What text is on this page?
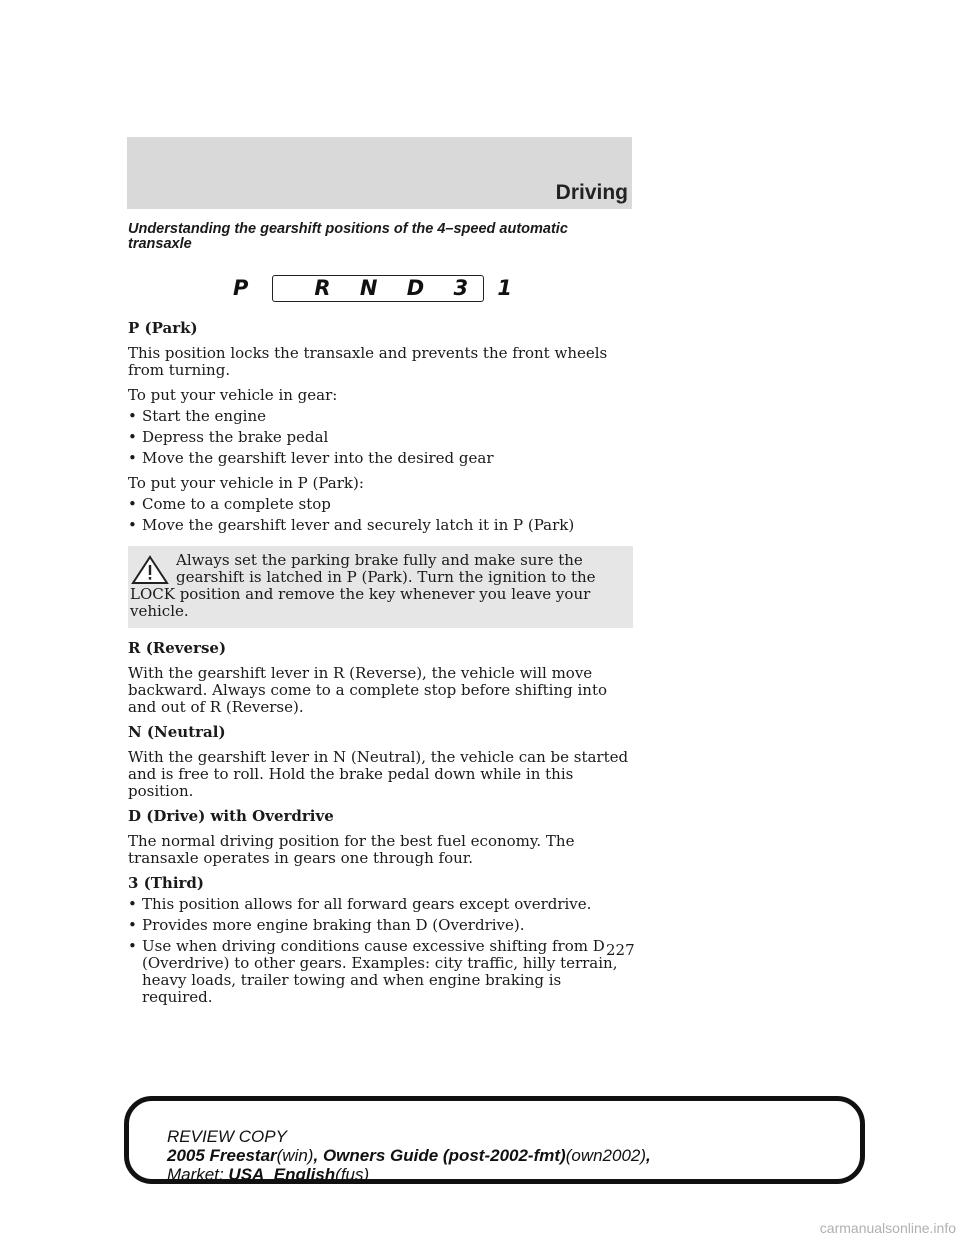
Driving

Understanding the gearshift positions of the 4–speed automatic transaxle

P   R N D 3 1

P (Park)

This position locks the transaxle and prevents the front wheels from turning.

To put your vehicle in gear:

• Start the engine
• Depress the brake pedal
• Move the gearshift lever into the desired gear

To put your vehicle in P (Park):

• Come to a complete stop
• Move the gearshift lever and securely latch it in P (Park)
Always set the parking brake fully and make sure the gearshift is latched in P (Park). Turn the ignition to the LOCK position and remove the key whenever you leave your vehicle.

R (Reverse)

With the gearshift lever in R (Reverse), the vehicle will move backward. Always come to a complete stop before shifting into and out of R (Reverse).

N (Neutral)

With the gearshift lever in N (Neutral), the vehicle can be started and is free to roll. Hold the brake pedal down while in this position.

D (Drive) with Overdrive

The normal driving position for the best fuel economy. The transaxle operates in gears one through four.

3 (Third)

• This position allows for all forward gears except overdrive.
• Provides more engine braking than D (Overdrive).
• Use when driving conditions cause excessive shifting from D (Overdrive) to other gears. Examples: city traffic, hilly terrain, heavy loads, trailer towing and when engine braking is required.
227
REVIEW COPY
2005 Freestar(win), Owners Guide (post-2002-fmt)(own2002),
Market: USA_English(fus)
carmanualsonline.info
